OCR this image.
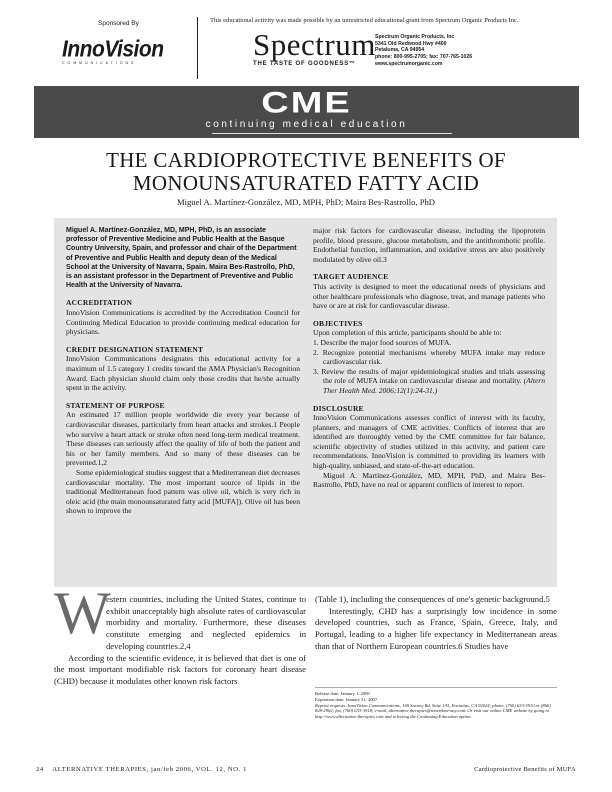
Sponsored By
InnoVision
COMMUNICATIONS
This educational activity was made possible by an unrestricted educational grant from Spectrum Organic Products Inc.
Spectrum
THE TASTE OF GOODNESS™
Spectrum Organic Products, Inc
5341 Old Redwood Hwy #400
Petaluma, CA 94954
phone: 800-995-2705; fax: 707-765-1026
www.spectrumorganic.com
CME
continuing medical education
THE CARDIOPROTECTIVE BENEFITS OF
MONOUNSATURATED FATTY ACID
Miguel A. Martínez-González, MD, MPH, PhD; Maira Bes-Rastrollo, PhD

Miguel A. Martínez-González, MD, MPH, PhD, is an associate professor of Preventive Medicine and Public Health at the Basque Country University, Spain, and professor and chair of the Department of Preventive and Public Health and deputy dean of the Medical School at the University of Navarra, Spain. Maira Bes-Rastrollo, PhD, is an assistant professor in the Department of Preventive and Public Health at the University of Navarra.

ACCREDITATION

InnoVision Communications is accredited by the Accreditation Council for Continuing Medical Education to provide continuing medical education for physicians.

CREDIT DESIGNATION STATEMENT

InnoVision Communications designates this educational activity for a maximum of 1.5 category 1 credits toward the AMA Physician's Recognition Award. Each physician should claim only those credits that he/she actually spent in the activity.

STATEMENT OF PURPOSE

An estimated 17 million people worldwide die every year because of cardiovascular diseases, particularly from heart attacks and strokes.1 People who survive a heart attack or stroke often need long-term medical treatment. These diseases can seriously affect the quality of life of both the patient and his or her family members. And so many of these diseases can be prevented.1,2

Some epidemiological studies suggest that a Mediterranean diet decreases cardiovascular mortality. The most important source of lipids in the traditional Mediterranean food pattern was olive oil, which is very rich in oleic acid (the main monounsaturated fatty acid [MUFA]). Olive oil has been shown to improve the

major risk factors for cardiovascular disease, including the lipoprotein profile, blood pressure, glucose metabolism, and the antithrombotic profile. Endothelial function, inflammation, and oxidative stress are also positively modulated by olive oil.3

TARGET AUDIENCE

This activity is designed to meet the educational needs of physicians and other healthcare professionals who diagnose, treat, and manage patients who have or are at risk for cardiovascular disease.

OBJECTIVES

Upon completion of this article, participants should be able to:

1. Describe the major food sources of MUFA.
2. Recognize potential mechanisms whereby MUFA intake may reduce cardiovascular risk.
3. Review the results of major epidemiological studies and trials assessing the role of MUFA intake on cardiovascular disease and mortality. (Altern Ther Health Med. 2006;12(1):24-31.)
DISCLOSURE

InnoVision Communications assesses conflict of interest with its faculty, planners, and managers of CME activities. Conflicts of interest that are identified are thoroughly vetted by the CME committee for fair balance, scientific objectivity of studies utilized in this activity, and patient care recommendations. InnoVision is committed to providing its learners with high-quality, unbiased, and state-of-the-art education.

Miguel A. Martínez-González, MD, MPH, PhD, and Maira Bes-Rastrollo, PhD, have no real or apparent conflicts of interest to report.

W

estern countries, including the United States, continue to exhibit unacceptably high absolute rates of cardiovascular morbidity and mortality. Furthermore, these diseases constitute emerging and neglected epidemics in developing countries.2,4

According to the scientific evidence, it is believed that diet is one of the most important modifiable risk factors for coronary heart disease (CHD) because it modulates other known risk factors

(Table 1), including the consequences of one's genetic background.5

Interestingly, CHD has a surprisingly low incidence in some developed countries, such as France, Spain, Greece, Italy, and Portugal, leading to a higher life expectancy in Mediterranean areas than that of Northern European countries.6 Studies have

Release date: January 1, 2006
Expiration date: January 31, 2007
Reprint requests: InnoVision Communications, 169 Saxony Rd, Suite 103, Encinitas, CA 92024; phone, (760) 633-3910 or (866) 828-2962; fax, (760) 633-3918; e-mail, alternative.therapies@innerdoorway.com. Or visit our online CME website by going to http://www.alternative-therapies.com and selecting the Continuing Education option.
24    ALTERNATIVE THERAPIES, jan/feb 2006, VOL. 12, NO. 1	Cardioprotective Benefits of MUFA
